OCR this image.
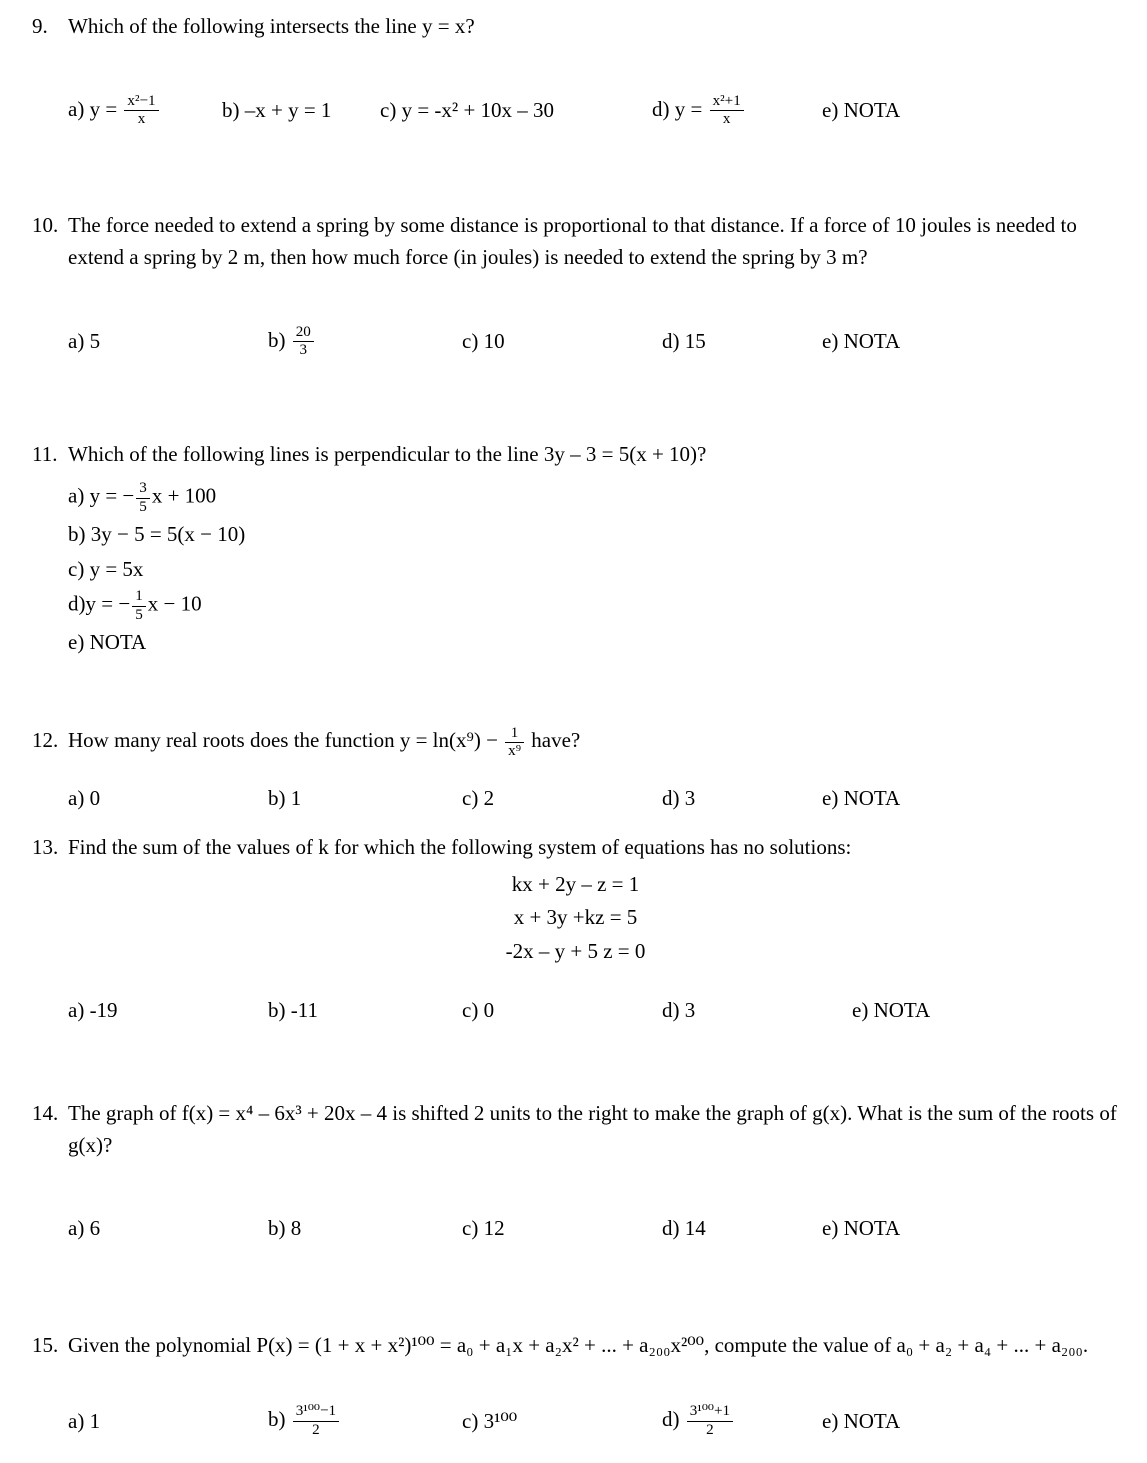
9. Which of the following intersects the line y = x?
a) $y = \frac{\text{x²−1}}{x}$	b) –x + y = 1	c) y = -x² + 10x – 30	d) $y = \frac{\text{x²+1}}{x}$	e) NOTA
10. The force needed to extend a spring by some distance is proportional to that distance. If a force of 10 joules is needed to extend a spring by 2 m, then how much force (in joules) is needed to extend the spring by 3 m?
a) 5	$b) \frac{20}{3}$	c) 10	d) 15	e) NOTA
11. Which of the following lines is perpendicular to the line 3y – 3 = 5(x + 10)?
a) y = − $\frac{3}{5}$ x + 100
b) 3y − 5 = 5(x − 10)
c) y = 5x
d)y = − $\frac{1}{5}$ x − 10
e) NOTA
12. How many real roots does the function $y = \ln(x^9) - \frac{1}{\text{x⁹}}$ have?
a) 0	b) 1	c) 2	d) 3	e) NOTA
13. Find the sum of the values of k for which the following system of equations has no solutions:
kx + 2y – z = 1
x + 3y +kz = 5
-2x – y + 5 z = 0
a) -19	b) -11	c) 0	d) 3	e) NOTA
14. The graph of f(x) = x⁴ – 6x³ + 20x – 4 is shifted 2 units to the right to make the graph of g(x). What is the sum of the roots of g(x)?
a) 6	b) 8	c) 12	d) 14	e) NOTA
15. Given the polynomial P(x) = (1 + x + x²)¹⁰⁰ = a₀ + a₁x + a₂x² + ... + a₂₀₀x²⁰⁰, compute the value of a₀ + a₂ + a₄ + ... + a₂₀₀.
a) 1	$b) \frac{\text{3¹⁰⁰−1}}{2}$	c) 3¹⁰⁰	$d) \frac{\text{3¹⁰⁰+1}}{2}$	e) NOTA
